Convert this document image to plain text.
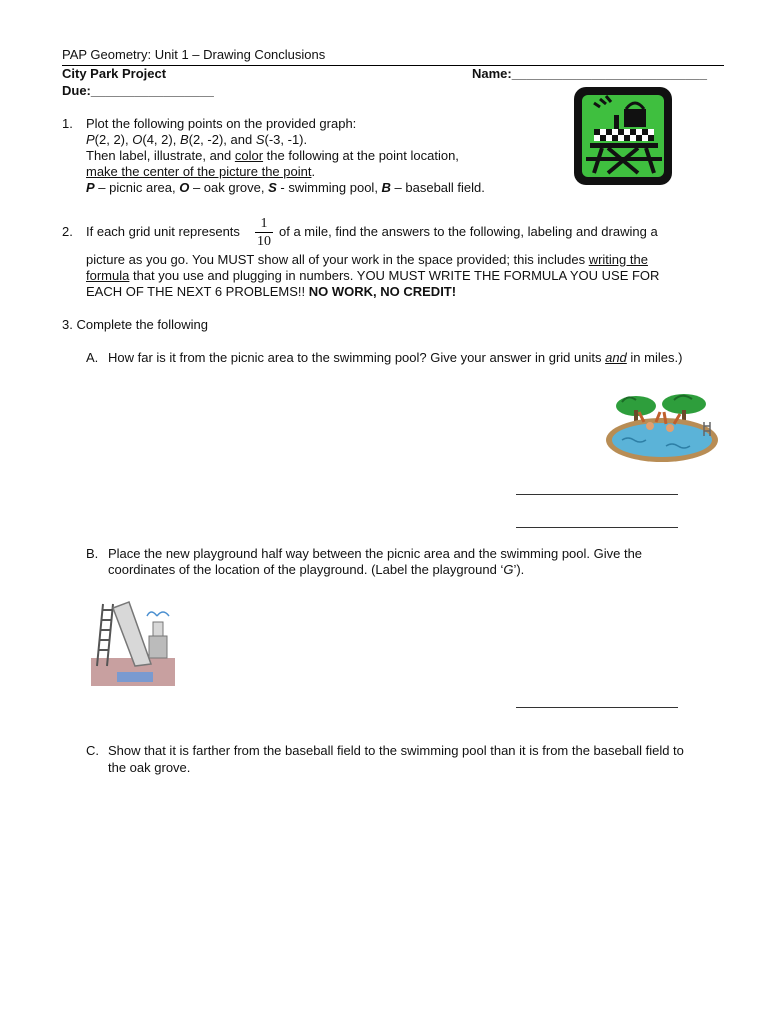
PAP Geometry: Unit 1 – Drawing Conclusions
City Park Project	Name:___________________________
Due:_________________
1. Plot the following points on the provided graph:
P(2, 2), O(4, 2), B(2, -2), and S(-3, -1).
Then label, illustrate, and color the following at the point location,
make the center of the picture the point.
P – picnic area, O – oak grove, S - swimming pool, B – baseball field.
2. If each grid unit represents
1
10
of a mile, find the answers to the following, labeling and drawing a
picture as you go. You MUST show all of your work in the space provided; this includes writing the
formula that you use and plugging in numbers. YOU MUST WRITE THE FORMULA YOU USE FOR
EACH OF THE NEXT 6 PROBLEMS!! NO WORK, NO CREDIT!
3. Complete the following
A. How far is it from the picnic area to the swimming pool? Give your answer in grid units and in miles.)
B. Place the new playground half way between the picnic area and the swimming pool. Give the
coordinates of the location of the playground. (Label the playground ‘G’).
C. Show that it is farther from the baseball field to the swimming pool than it is from the baseball field to
the oak grove.
